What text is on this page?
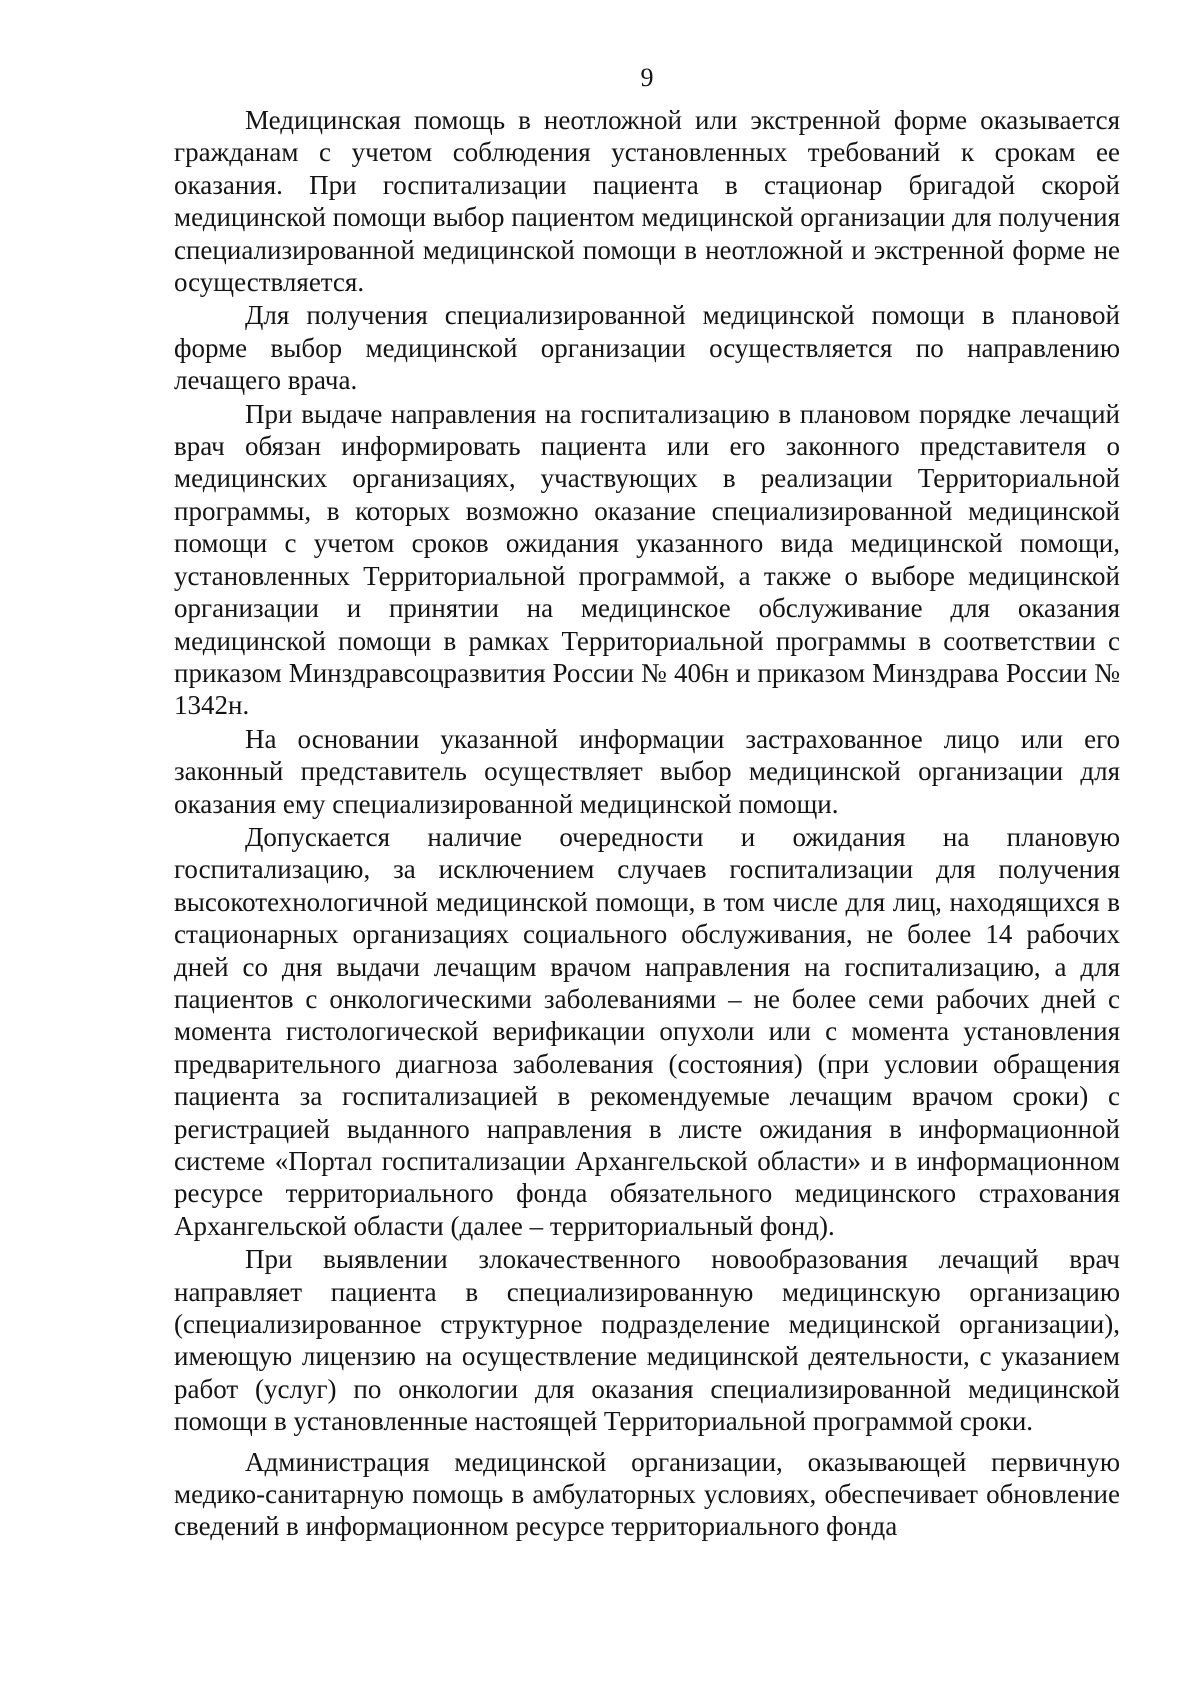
9

Медицинская помощь в неотложной или экстренной форме оказывается гражданам с учетом соблюдения установленных требований к срокам ее оказания. При госпитализации пациента в стационар бригадой скорой медицинской помощи выбор пациентом медицинской организации для получения специализированной медицинской помощи в неотложной и экстренной форме не осуществляется.

Для получения специализированной медицинской помощи в плановой форме выбор медицинской организации осуществляется по направлению лечащего врача.

При выдаче направления на госпитализацию в плановом порядке лечащий врач обязан информировать пациента или его законного представителя о медицинских организациях, участвующих в реализации Территориальной программы, в которых возможно оказание специализированной медицинской помощи с учетом сроков ожидания указанного вида медицинской помощи, установленных Территориальной программой, а также о выборе медицинской организации и принятии на медицинское обслуживание для оказания медицинской помощи в рамках Территориальной программы в соответствии с приказом Минздравсоцразвития России № 406н и приказом Минздрава России № 1342н.

На основании указанной информации застрахованное лицо или его законный представитель осуществляет выбор медицинской организации для оказания ему специализированной медицинской помощи.

Допускается наличие очередности и ожидания на плановую госпитализацию, за исключением случаев госпитализации для получения высокотехнологичной медицинской помощи, в том числе для лиц, находящихся в стационарных организациях социального обслуживания, не более 14 рабочих дней со дня выдачи лечащим врачом направления на госпитализацию, а для пациентов с онкологическими заболеваниями – не более семи рабочих дней с момента гистологической верификации опухоли или с момента установления предварительного диагноза заболевания (состояния) (при условии обращения пациента за госпитализацией в рекомендуемые лечащим врачом сроки) с регистрацией выданного направления в листе ожидания в информационной системе «Портал госпитализации Архангельской области» и в информационном ресурсе территориального фонда обязательного медицинского страхования Архангельской области (далее – территориальный фонд).

При выявлении злокачественного новообразования лечащий врач направляет пациента в специализированную медицинскую организацию (специализированное структурное подразделение медицинской организации), имеющую лицензию на осуществление медицинской деятельности, с указанием работ (услуг) по онкологии для оказания специализированной медицинской помощи в установленные настоящей Территориальной программой сроки.

Администрация медицинской организации, оказывающей первичную медико-санитарную помощь в амбулаторных условиях, обеспечивает обновление сведений в информационном ресурсе территориального фонда
